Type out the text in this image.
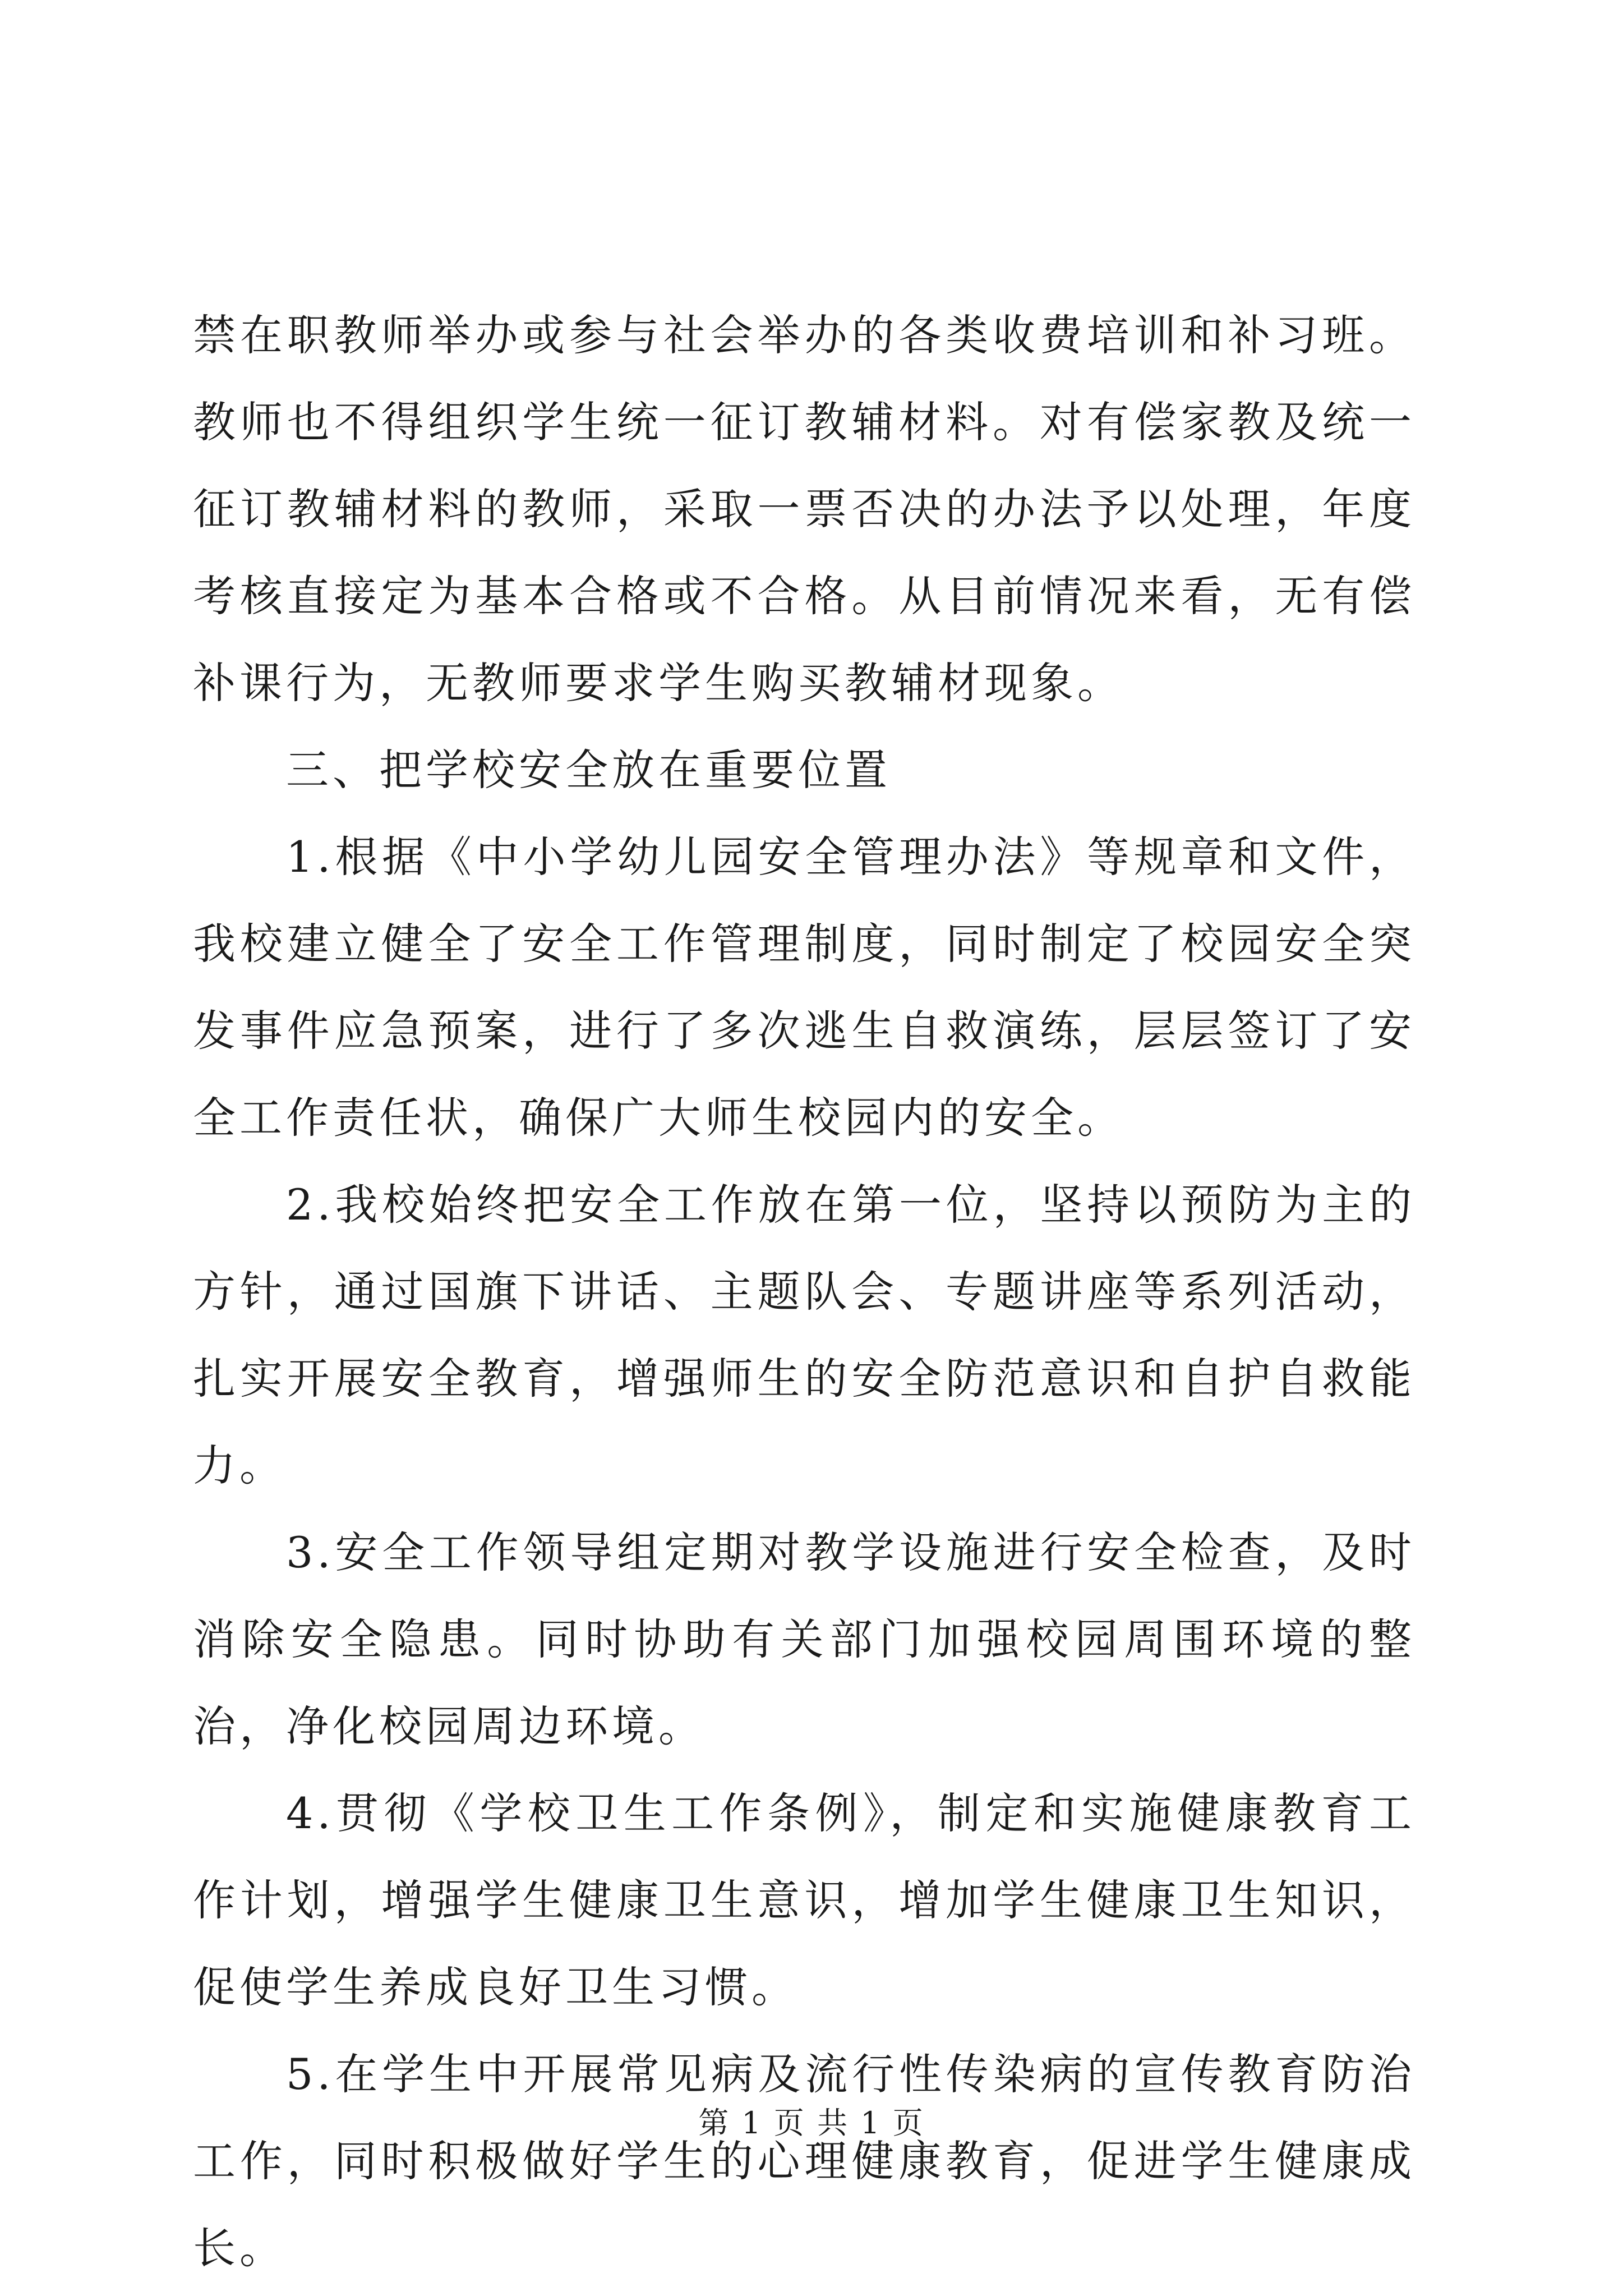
禁在职教师举办或参与社会举办的各类收费培训和补习班。教师也不得组织学生统一征订教辅材料。对有偿家教及统一征订教辅材料的教师，采取一票否决的办法予以处理，年度考核直接定为基本合格或不合格。从目前情况来看，无有偿补课行为，无教师要求学生购买教辅材现象。

三、把学校安全放在重要位置

1.根据《中小学幼儿园安全管理办法》等规章和文件，我校建立健全了安全工作管理制度，同时制定了校园安全突发事件应急预案，进行了多次逃生自救演练，层层签订了安全工作责任状，确保广大师生校园内的安全。

2.我校始终把安全工作放在第一位，坚持以预防为主的方针，通过国旗下讲话、主题队会、专题讲座等系列活动，扎实开展安全教育，增强师生的安全防范意识和自护自救能力。

3.安全工作领导组定期对教学设施进行安全检查，及时消除安全隐患。同时协助有关部门加强校园周围环境的整治，净化校园周边环境。

4.贯彻《学校卫生工作条例》，制定和实施健康教育工作计划，增强学生健康卫生意识，增加学生健康卫生知识，促使学生养成良好卫生习惯。

5.在学生中开展常见病及流行性传染病的宣传教育防治工作，同时积极做好学生的心理健康教育，促进学生健康成长。

第 1 页 共 1 页
